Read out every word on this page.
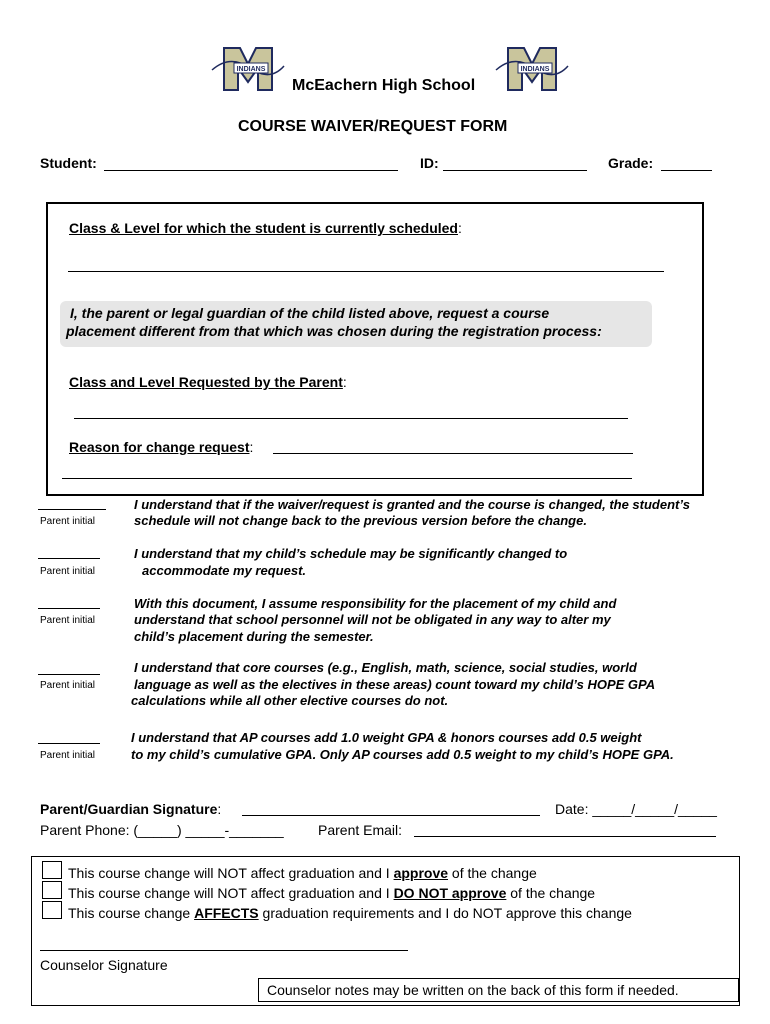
INDIANS	INDIANS
McEachern High School
COURSE WAIVER/REQUEST FORM
Student:	ID:	Grade:
Class & Level for which the student is currently scheduled:
I, the parent or legal guardian of the child listed above, request a course
placement different from that which was chosen during the registration process:
Class and Level Requested by the Parent:
Reason for change request:
Parent initial
I understand that if the waiver/request is granted and the course is changed, the student’s
schedule will not change back to the previous version before the change.
Parent initial
I understand that my child’s schedule may be significantly changed to
accommodate my request.
Parent initial
With this document, I assume responsibility for the placement of my child and
understand that school personnel will not be obligated in any way to alter my
child’s placement during the semester.
Parent initial
I understand that core courses (e.g., English, math, science, social studies, world
language as well as the electives in these areas) count toward my child’s HOPE GPA
calculations while all other elective courses do not.
Parent initial
I understand that AP courses add 1.0 weight GPA & honors courses add 0.5 weight
to my child’s cumulative GPA. Only AP courses add 0.5 weight to my child’s HOPE GPA.
Parent/Guardian Signature:	Date: _____/_____/_____
Parent Phone: (_____) _____-_______ Parent Email:
This course change will NOT affect graduation and I approve of the change
This course change will NOT affect graduation and I DO NOT approve of the change
This course change AFFECTS graduation requirements and I do NOT approve this change
Counselor Signature
Counselor notes may be written on the back of this form if needed.
